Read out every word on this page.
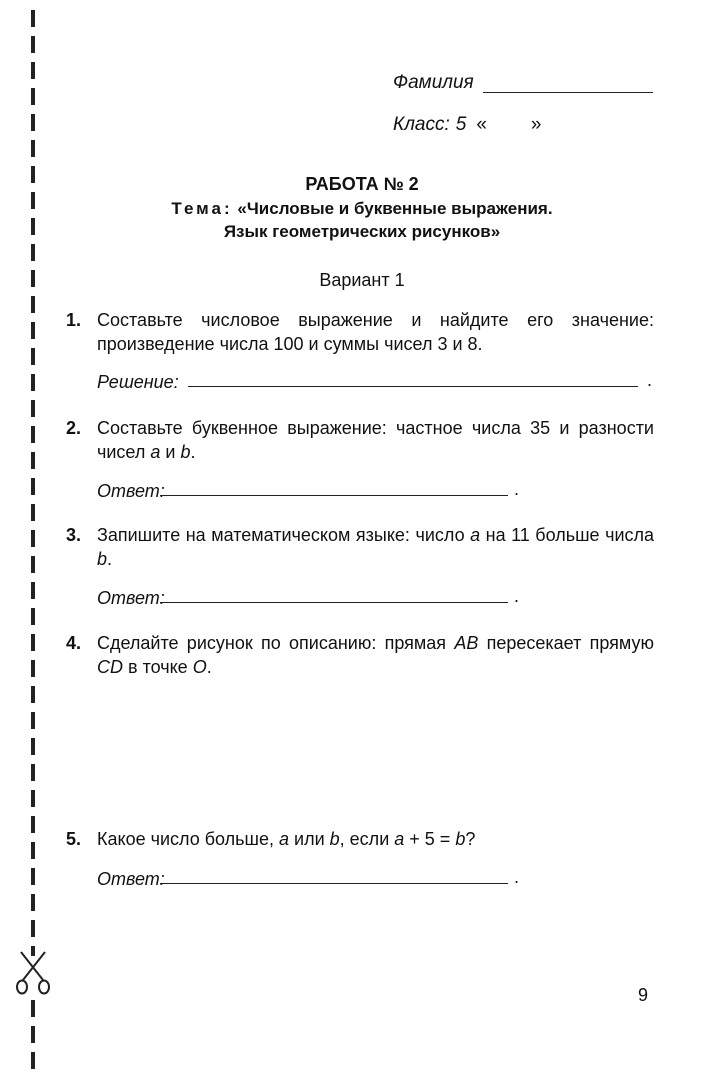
Фамилия
Класс: 5 « »
РАБОТА № 2
Тема: «Числовые и буквенные выражения.
Язык геометрических рисунков»
Вариант 1
1. Составьте числовое выражение и найдите его значение: произведение числа 100 и суммы чисел 3 и 8.
Решение:	.
2. Составьте буквенное выражение: частное числа 35 и разности чисел a и b.
Ответ:	.
3. Запишите на математическом языке: число a на 11 больше числа b.
Ответ:	.
4. Сделайте рисунок по описанию: прямая AB пересекает прямую CD в точке O.
5. Какое число больше, a или b, если a + 5 = b?
Ответ:	.
9
